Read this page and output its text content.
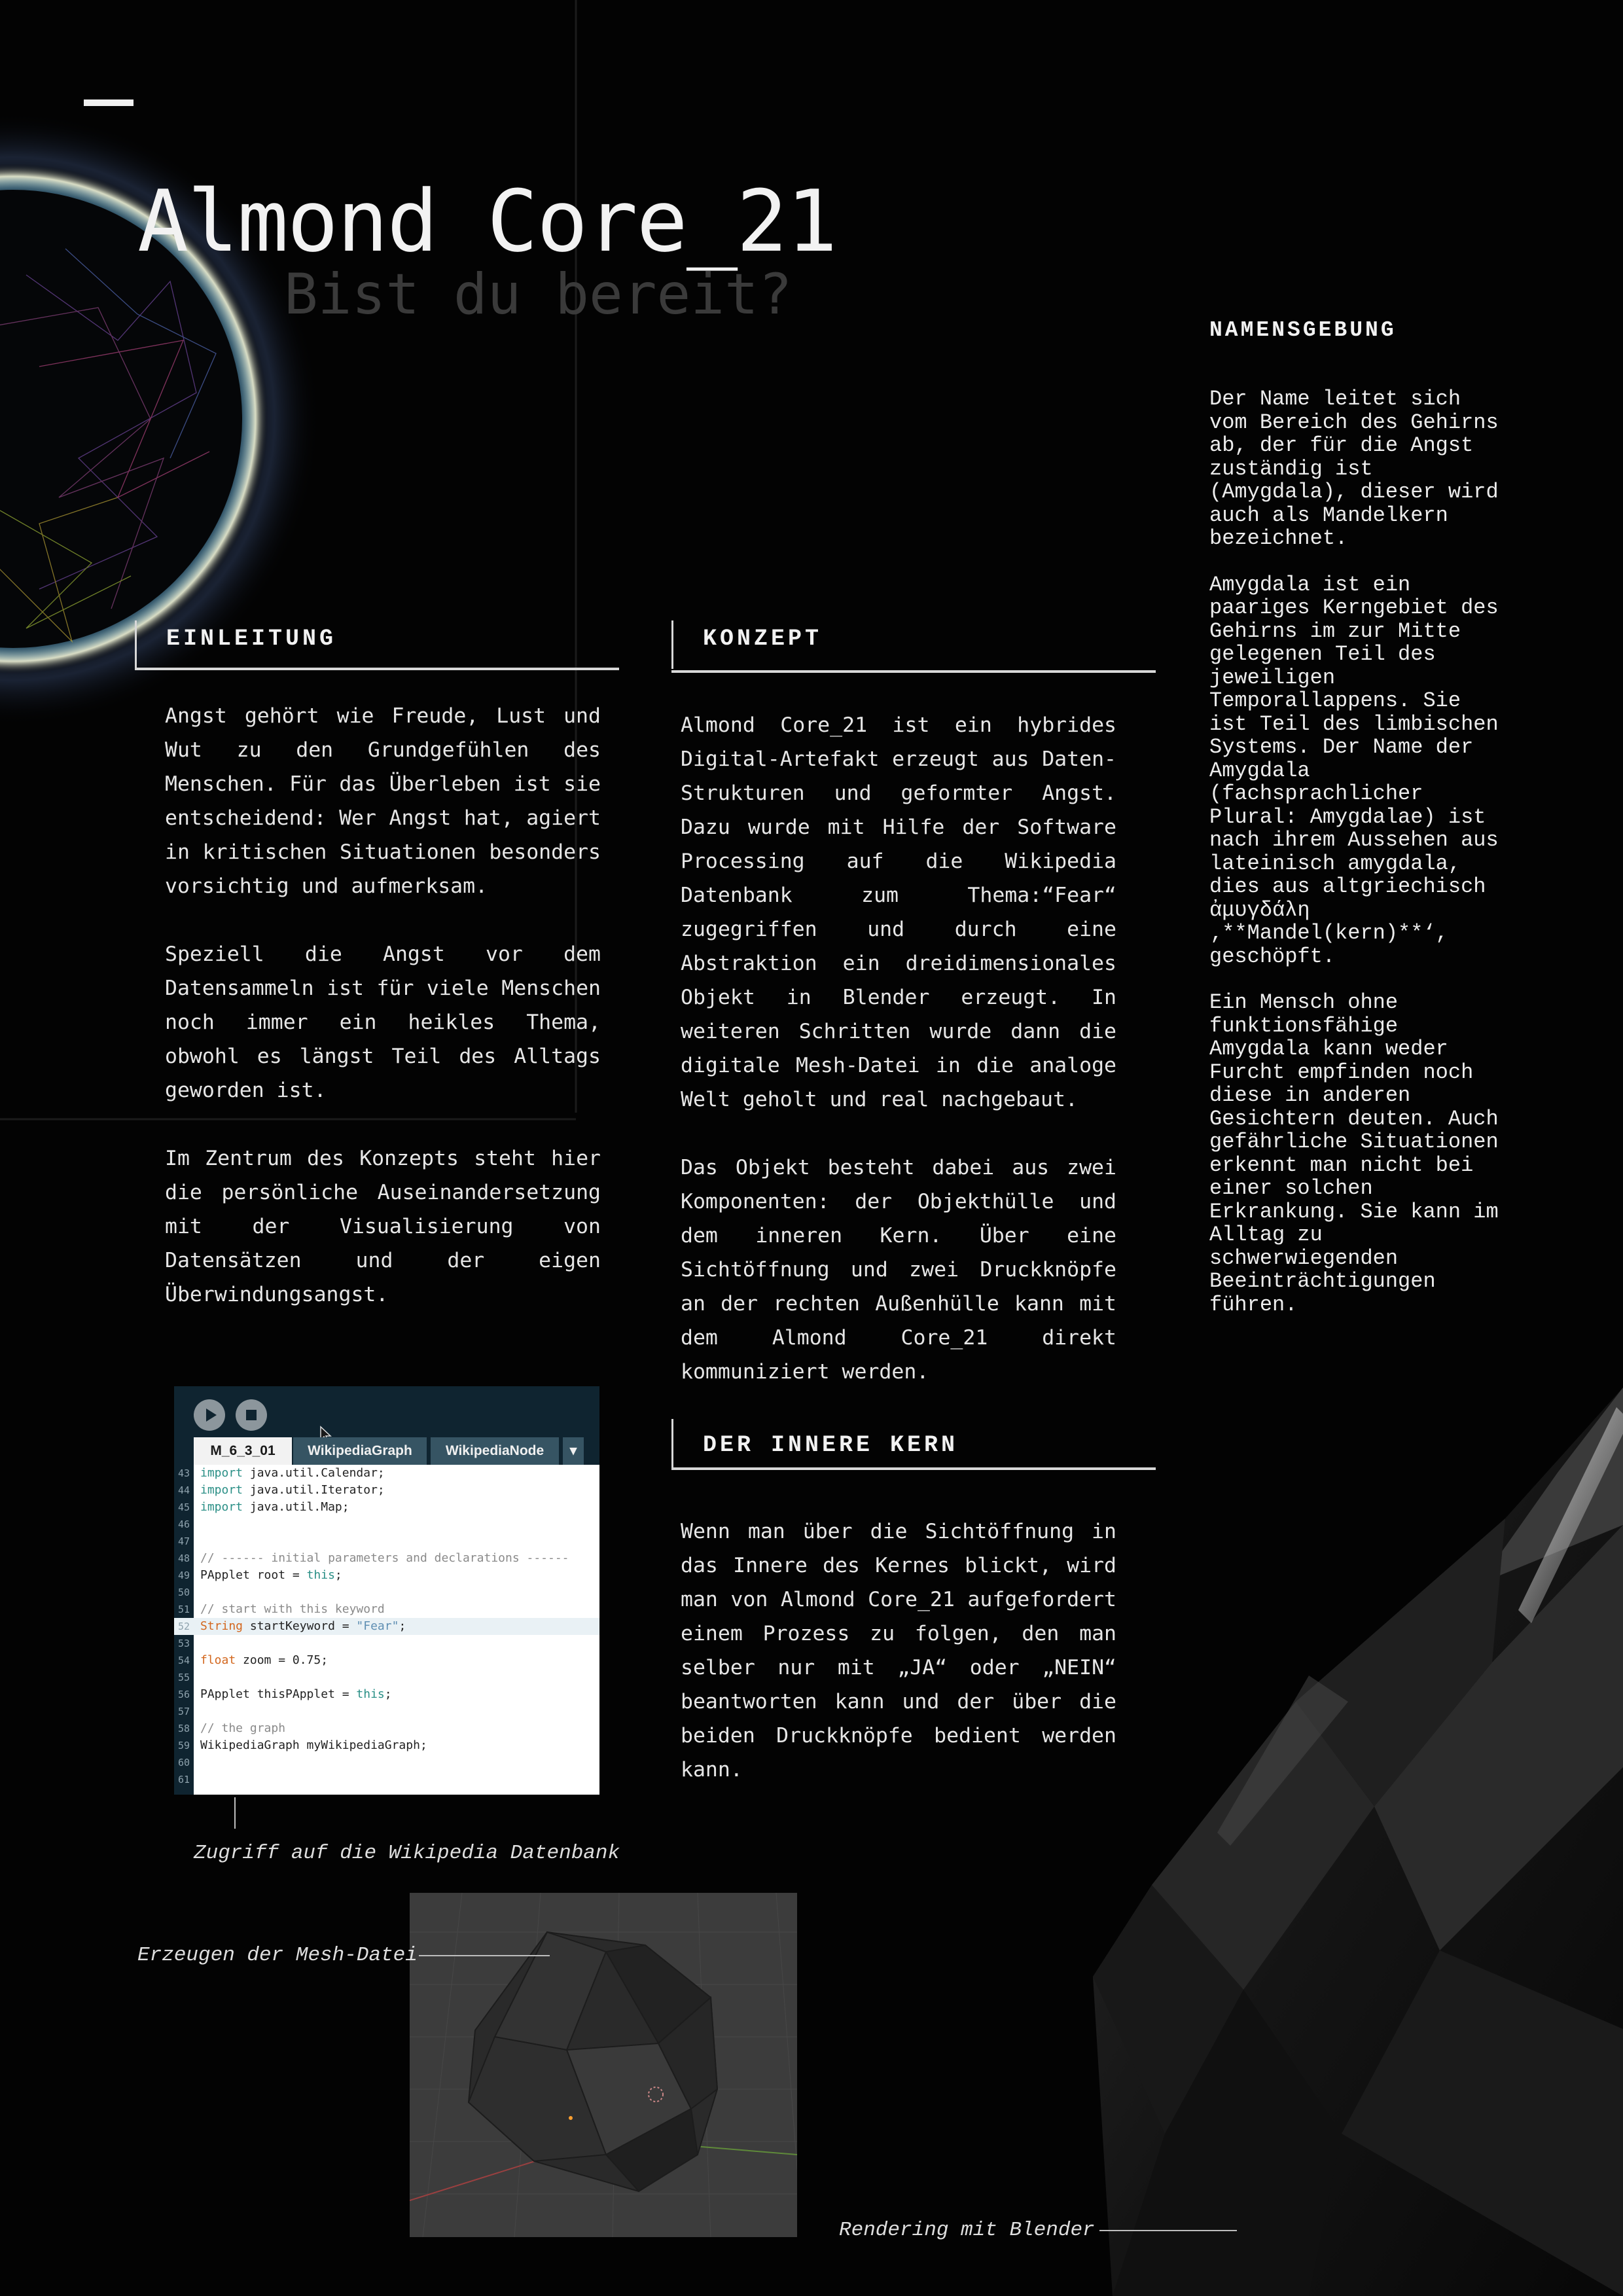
Almond Core_21
Bist du bereit?
EINLEITUNG

Angst gehört wie Freude, Lust und Wut zu den Grundgefühlen des Menschen. Für das Überleben ist sie entscheidend: Wer Angst hat, agiert in kritischen Situationen besonders vorsichtig und aufmerksam.

Speziell die Angst vor dem Datensammeln ist für viele Menschen noch immer ein heikles Thema, obwohl es längst Teil des Alltags geworden ist.

Im Zentrum des Konzepts steht hier die persönliche Auseinandersetzung mit der Visualisierung von Datensätzen und der eigen Überwindungsangst.

KONZEPT

Almond Core_21 ist ein hybrides Digital-Artefakt erzeugt aus Daten-Strukturen und geformter Angst. Dazu wurde mit Hilfe der Software Processing auf die Wikipedia Datenbank zum Thema:“Fear“ zugegriffen und durch eine Abstraktion ein dreidimensionales Objekt in Blender erzeugt. In weiteren Schritten wurde dann die digitale Mesh-Datei in die analoge Welt geholt und real nachgebaut.

Das Objekt besteht dabei aus zwei Komponenten: der Objekthülle und dem inneren Kern. Über eine Sichtöffnung und zwei Druckknöpfe an der rechten Außenhülle kann mit dem Almond Core_21 direkt kommuniziert werden.

DER INNERE KERN

Wenn man über die Sichtöffnung in das Innere des Kernes blickt, wird man von Almond Core_21 aufgefordert einem Prozess zu folgen, den man selber nur mit „JA“ oder „NEIN“ beantworten kann und der über die beiden Druckknöpfe bedient werden kann.

NAMENSGEBUNG

Der Name leitet sich vom Bereich des Gehirns ab, der für die Angst zuständig ist (Amygdala), dieser wird auch als Mandelkern bezeichnet.

Amygdala ist ein paariges Kerngebiet des Gehirns im zur Mitte gelegenen Teil des jeweiligen Temporallappens. Sie ist Teil des limbischen Systems. Der Name der Amygdala (fachsprachlicher Plural: Amygdalae) ist nach ihrem Aussehen aus lateinisch amygdala, dies aus altgriechisch ἀμυγδάλη ‚**Mandel(kern)**‘, geschöpft.

Ein Mensch ohne funktionsfähige Amygdala kann weder Furcht empfinden noch diese in anderen Gesichtern deuten. Auch gefährliche Situationen erkennt man nicht bei einer solchen Erkrankung. Sie kann im Alltag zu schwerwiegenden Beeinträchtigungen führen.

M_6_3_01	WikipediaGraph	WikipediaNode	▾
43 import java.util.Calendar;
44 import java.util.Iterator;
45 import java.util.Map;
46
47
48 // ------ initial parameters and declarations ------
49 PApplet root = this;
50
51 // start with this keyword
52 String startKeyword = "Fear";
53
54 float zoom = 0.75;
55
56 PApplet thisPApplet = this;
57
58 // the graph
59 WikipediaGraph myWikipediaGraph;
60
61
Zugriff auf die Wikipedia Datenbank
Erzeugen der Mesh-Datei
Rendering mit Blender
